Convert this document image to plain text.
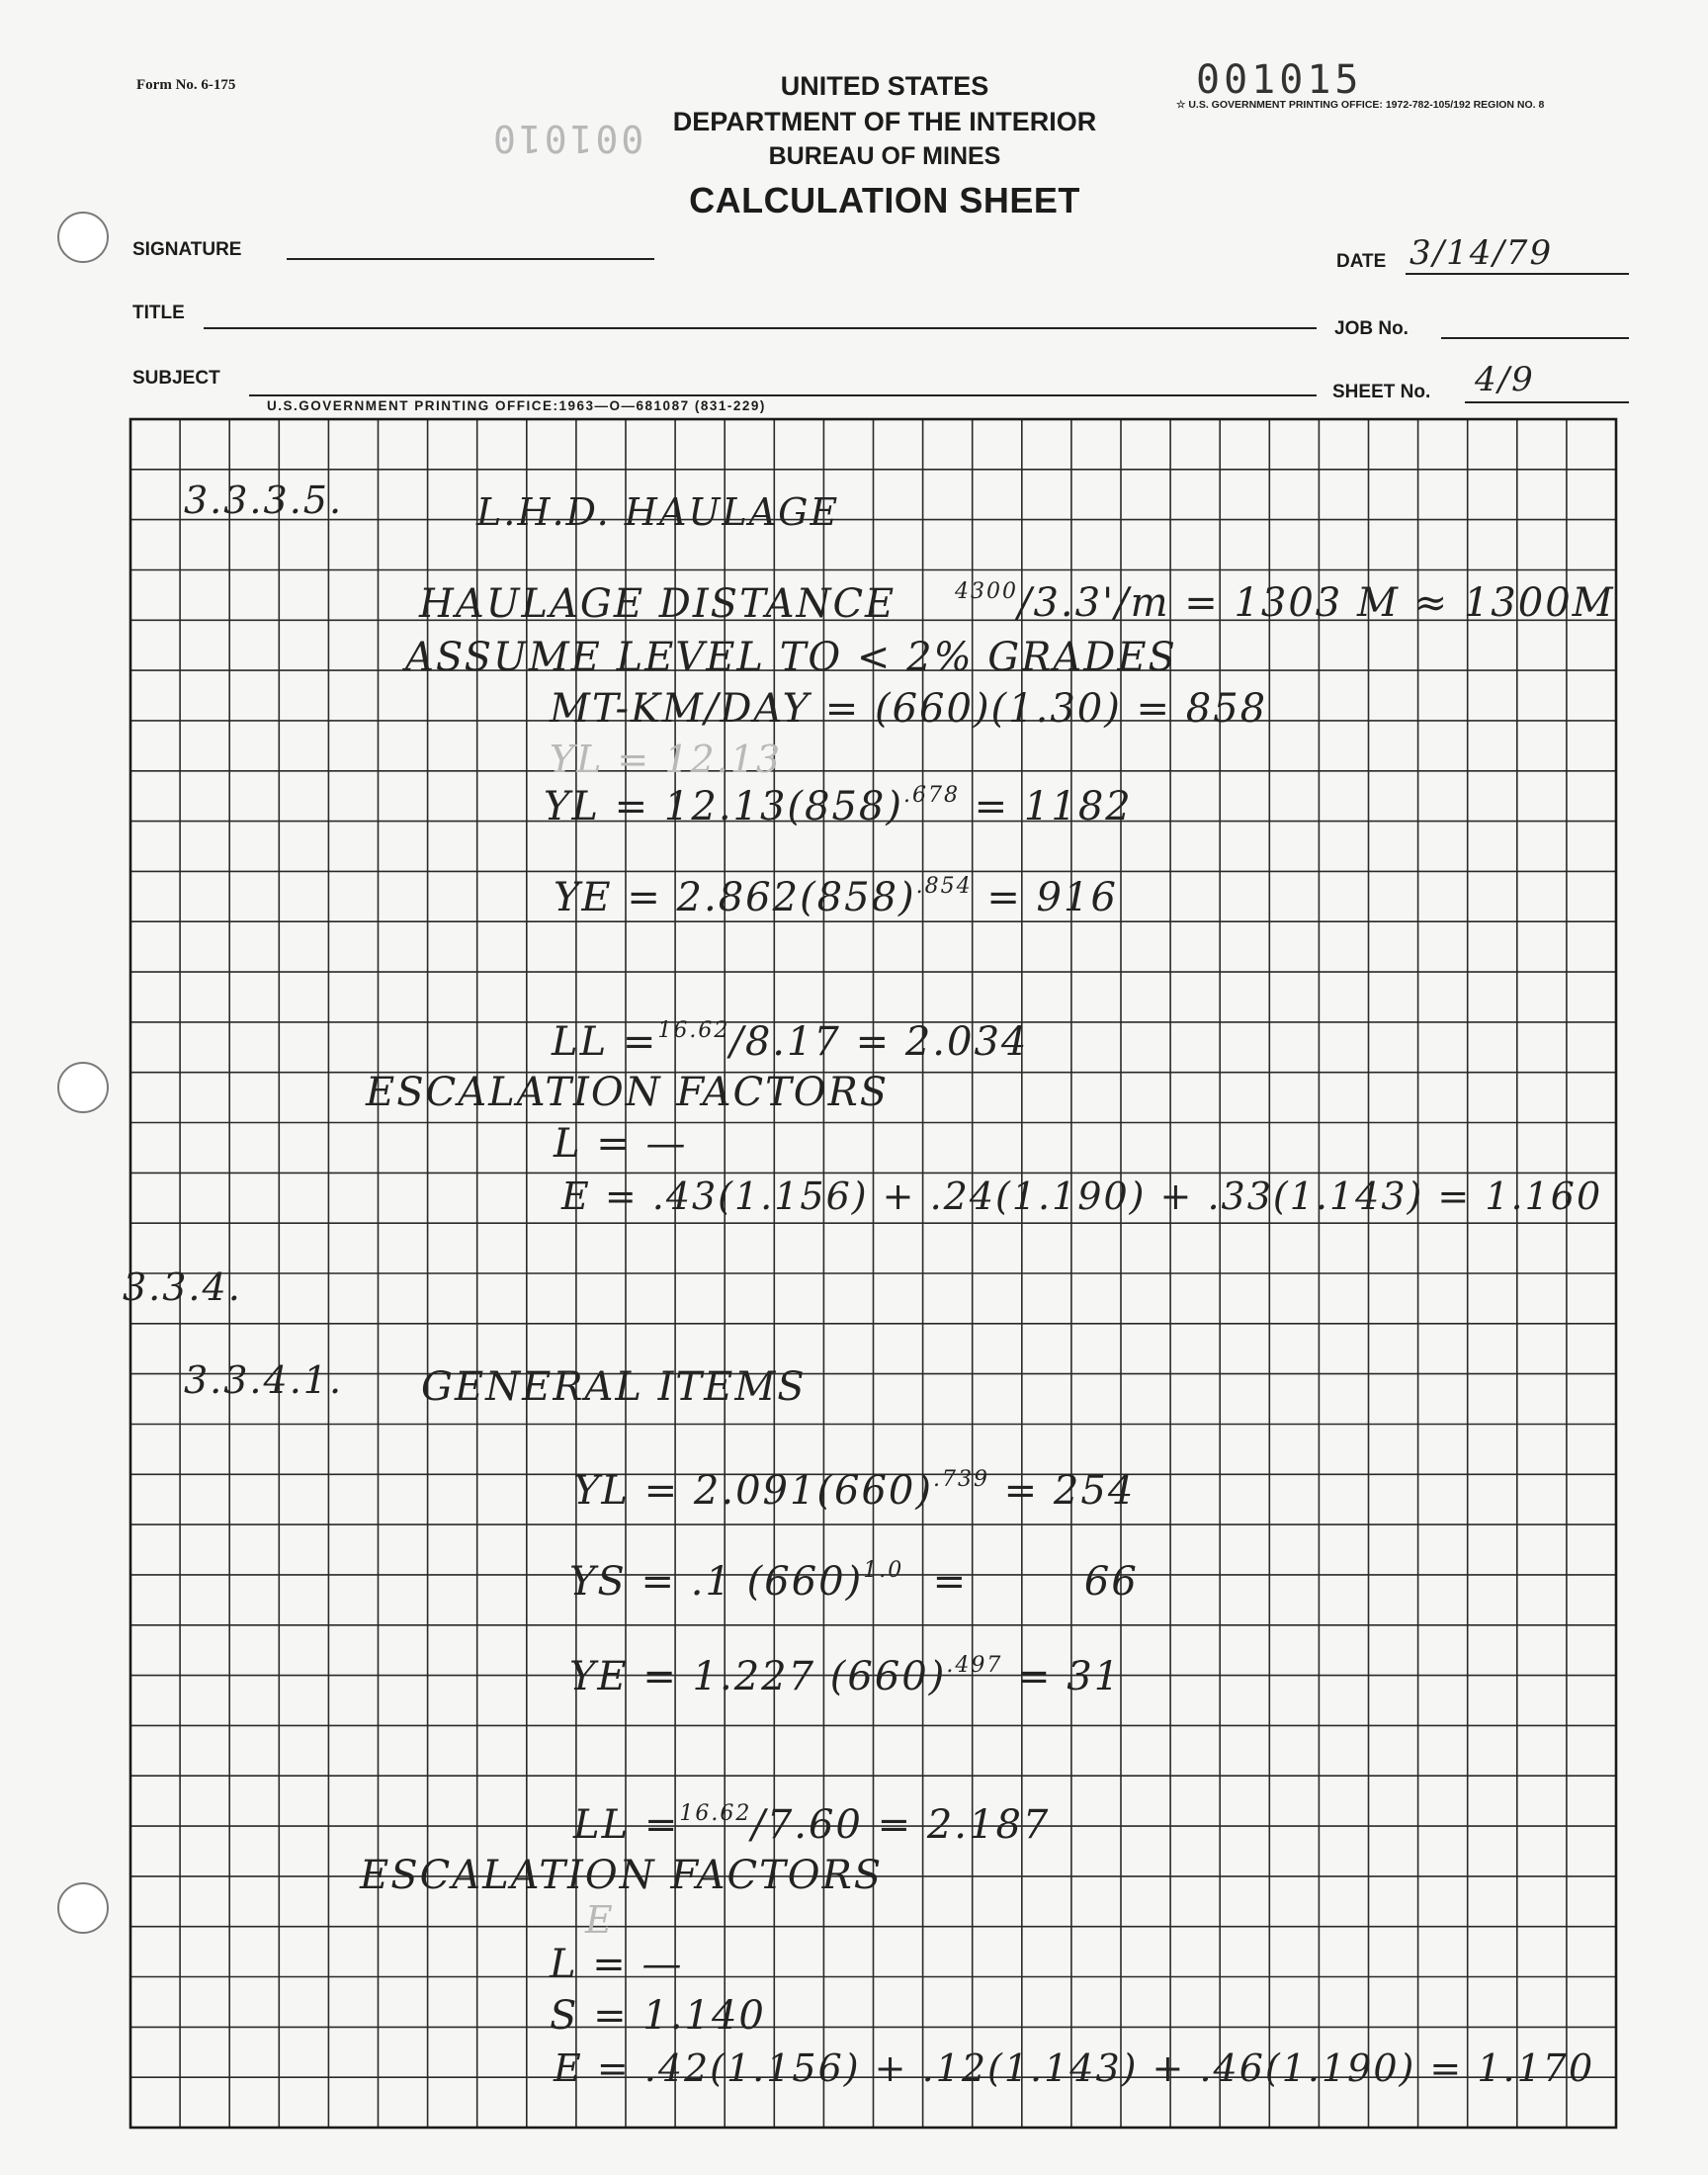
Form No. 6-175	UNITED STATES
DEPARTMENT OF THE INTERIOR
BUREAU OF MINES
CALCULATION SHEET
001015
001010
☆ U.S. GOVERNMENT PRINTING OFFICE: 1972-782-105/192 REGION NO. 8
SIGNATURE
DATE 3/14/79
TITLE
JOB No.
SUBJECT
SHEET No. 4/9
U.S.GOVERNMENT PRINTING OFFICE:1963—O—681087 (831-229)
3.3.3.5.	L.H.D. HAULAGE
HAULAGE DISTANCE	$^{4300}$/3.3'/m = 1303 M ≈ 1300M
ASSUME LEVEL TO < 2% GRADES
MT-KM/DAY = (660)(1.30) = 858
YL = 12.13
YL = $12.13(858)^{.678} = 1182$
YE = $2.862(858)^{.854} = 916$
LL =$^{16.62}$/8.17 = 2.034
ESCALATION FACTORS
L = —
E = .43(1.156) + .24(1.190) + .33(1.143) = 1.160
3.3.4.
3.3.4.1. GENERAL ITEMS
YL = $2.091(660)^{.739} = 254$
YS = .1 $(660)^{1.0}$  =        66
YE = 1.227 $(660)^{.497} = 31$
LL =$^{16.62}$/7.60 = 2.187
ESCALATION FACTORS
E
L = —
S = 1.140
E = .42(1.156) + .12(1.143) + .46(1.190) = 1.170
